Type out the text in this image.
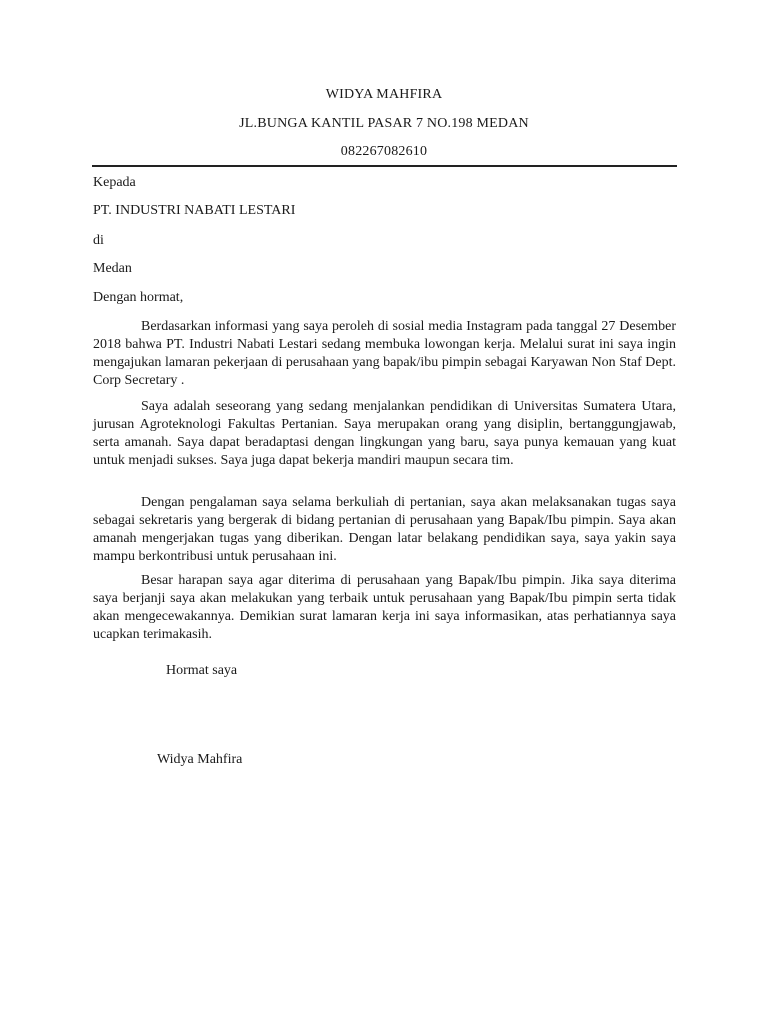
WIDYA MAHFIRA
JL.BUNGA KANTIL PASAR 7 NO.198 MEDAN
082267082610
Kepada
PT. INDUSTRI NABATI LESTARI
di
Medan
Dengan hormat,
Berdasarkan informasi yang saya peroleh di sosial media Instagram pada tanggal 27 Desember 2018 bahwa PT. Industri Nabati Lestari sedang membuka lowongan kerja. Melalui surat ini saya ingin mengajukan lamaran pekerjaan di perusahaan yang bapak/ibu pimpin sebagai Karyawan Non Staf Dept. Corp Secretary .
Saya adalah seseorang yang sedang menjalankan pendidikan di Universitas Sumatera Utara, jurusan Agroteknologi Fakultas Pertanian. Saya merupakan orang yang disiplin, bertanggungjawab, serta amanah. Saya dapat beradaptasi dengan lingkungan yang baru, saya punya kemauan yang kuat untuk menjadi sukses. Saya juga dapat bekerja mandiri maupun secara tim.
Dengan pengalaman saya selama berkuliah di pertanian, saya akan melaksanakan tugas saya sebagai sekretaris yang bergerak di bidang pertanian di perusahaan yang Bapak/Ibu pimpin. Saya akan amanah mengerjakan tugas yang diberikan. Dengan latar belakang pendidikan saya, saya yakin saya mampu berkontribusi untuk perusahaan ini.
Besar harapan saya agar diterima di perusahaan yang Bapak/Ibu pimpin. Jika saya diterima saya berjanji saya akan melakukan yang terbaik untuk perusahaan yang Bapak/Ibu pimpin serta tidak akan mengecewakannya. Demikian surat lamaran kerja ini saya informasikan, atas perhatiannya saya ucapkan terimakasih.
Hormat saya
Widya Mahfira
